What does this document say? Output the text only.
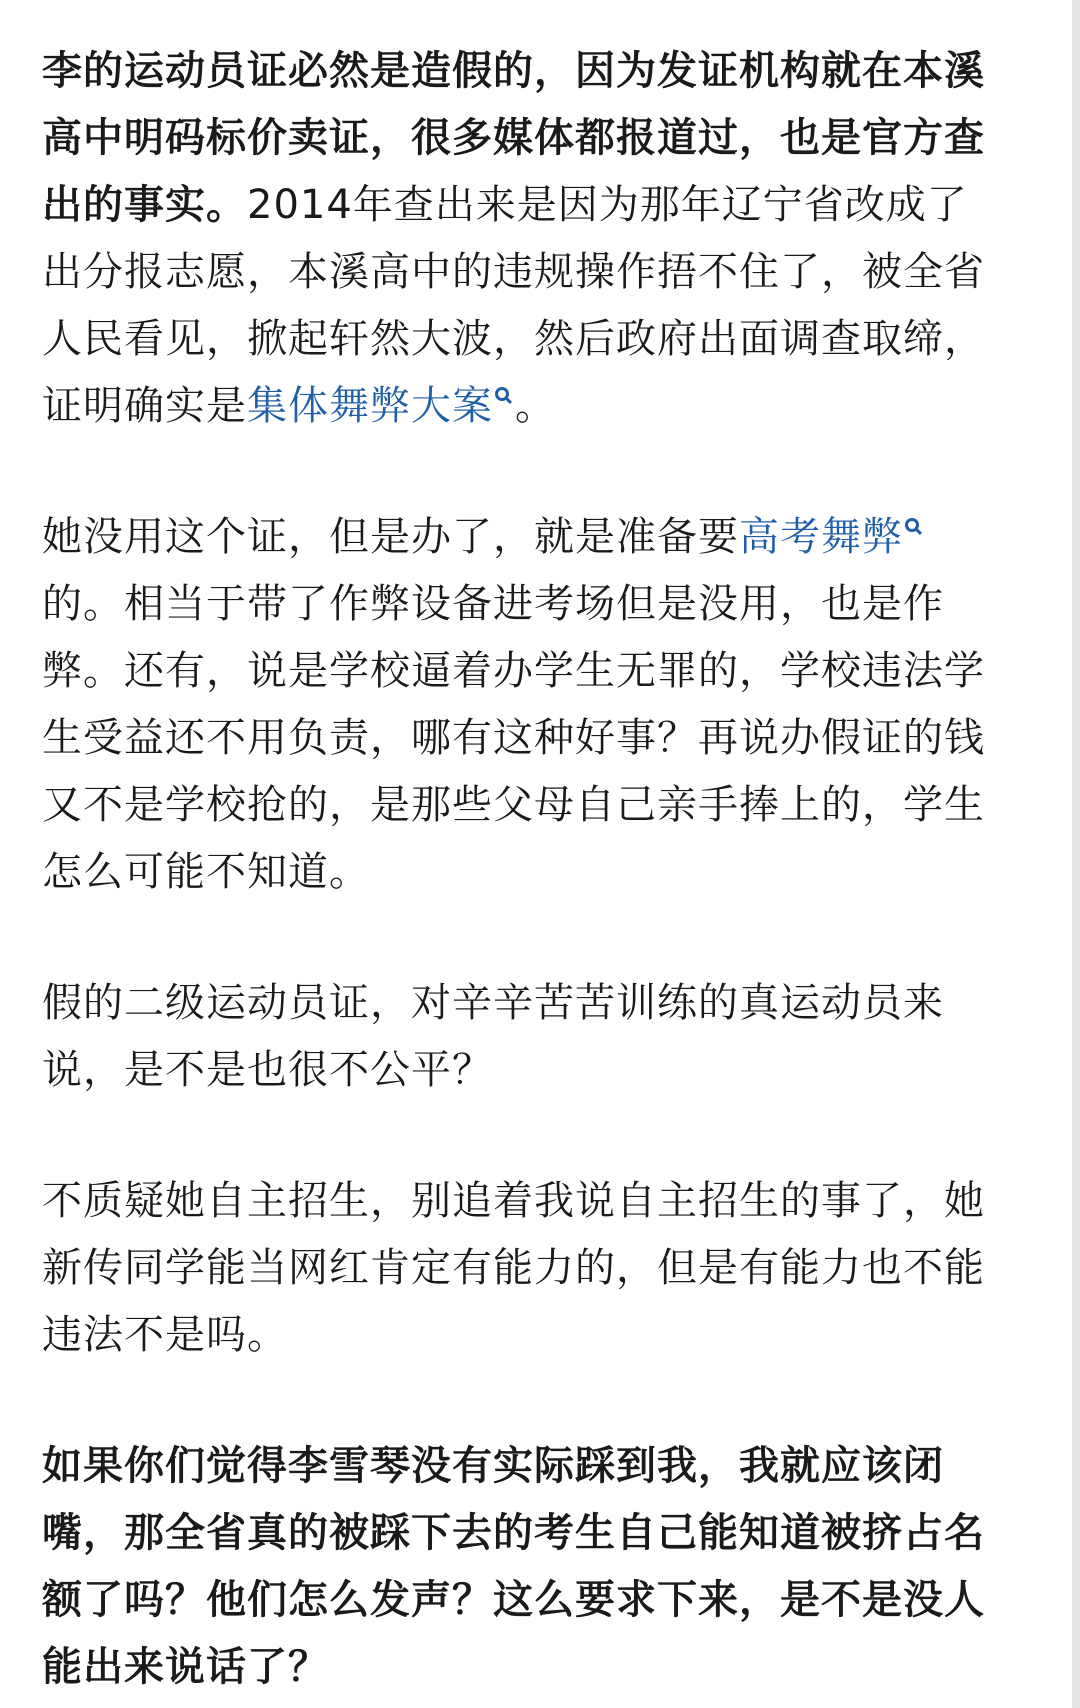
李的运动员证必然是造假的，因为发证机构就在本溪高中明码标价卖证，很多媒体都报道过，也是官方查出的事实。2014年查出来是因为那年辽宁省改成了出分报志愿，本溪高中的违规操作捂不住了，被全省人民看见，掀起轩然大波，然后政府出面调查取缔，证明确实是集体舞弊大案 。

她没用这个证，但是办了，就是准备要高考舞弊的。相当于带了作弊设备进考场但是没用，也是作弊。还有，说是学校逼着办学生无罪的，学校违法学生受益还不用负责，哪有这种好事？再说办假证的钱又不是学校抢的，是那些父母自己亲手捧上的，学生怎么可能不知道。

假的二级运动员证，对辛辛苦苦训练的真运动员来说，是不是也很不公平？

不质疑她自主招生，别追着我说自主招生的事了，她新传同学能当网红肯定有能力的，但是有能力也不能违法不是吗。

如果你们觉得李雪琴没有实际踩到我，我就应该闭嘴，那全省真的被踩下去的考生自己能知道被挤占名额了吗？他们怎么发声？这么要求下来，是不是没人能出来说话了？
